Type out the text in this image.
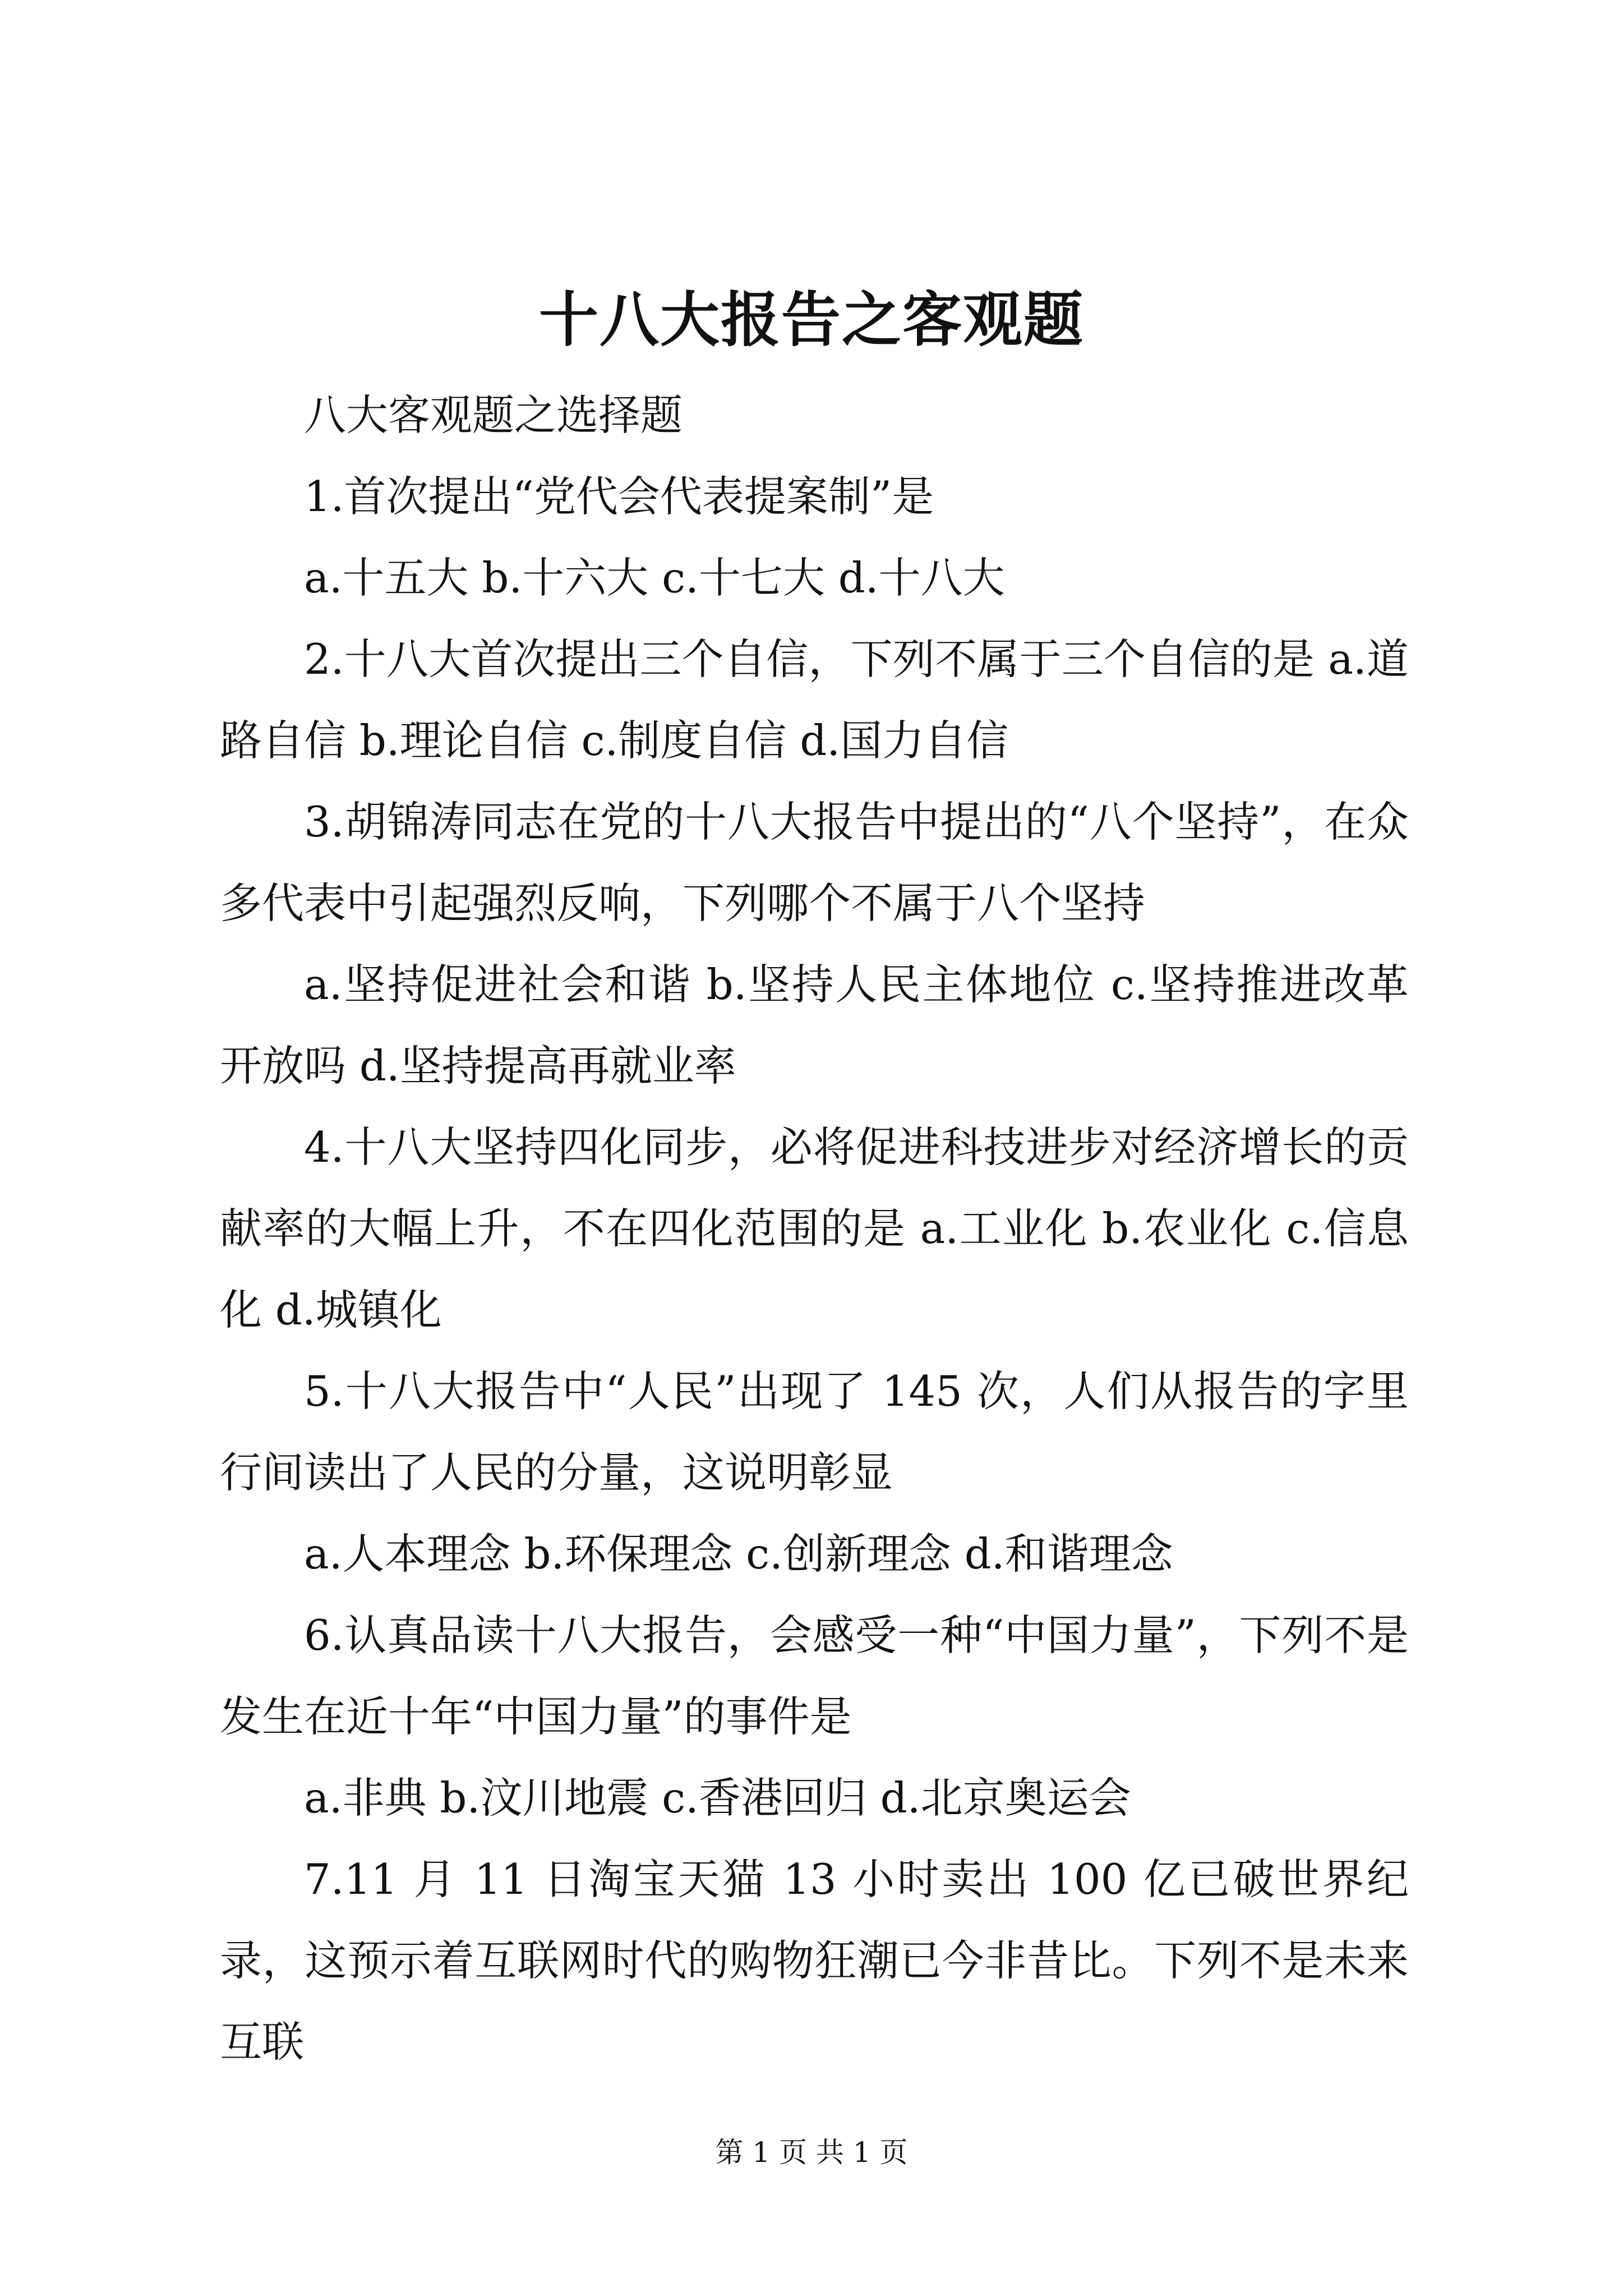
十八大报告之客观题

八大客观题之选择题

1.首次提出“党代会代表提案制”是

a.十五大 b.十六大 c.十七大 d.十八大

2.十八大首次提出三个自信，下列不属于三个自信的是 a.道路自信 b.理论自信 c.制度自信 d.国力自信

3.胡锦涛同志在党的十八大报告中提出的“八个坚持”，在众多代表中引起强烈反响，下列哪个不属于八个坚持

a.坚持促进社会和谐 b.坚持人民主体地位 c.坚持推进改革开放吗 d.坚持提高再就业率

4.十八大坚持四化同步，必将促进科技进步对经济增长的贡献率的大幅上升，不在四化范围的是 a.工业化 b.农业化 c.信息化 d.城镇化

5.十八大报告中“人民”出现了 145 次，人们从报告的字里行间读出了人民的分量，这说明彰显

a.人本理念 b.环保理念 c.创新理念 d.和谐理念

6.认真品读十八大报告，会感受一种“中国力量”，下列不是发生在近十年“中国力量”的事件是

a.非典 b.汶川地震 c.香港回归 d.北京奥运会

7.11 月 11 日淘宝天猫 13 小时卖出 100 亿已破世界纪录，这预示着互联网时代的购物狂潮已今非昔比。下列不是未来互联

第 1 页 共 1 页
